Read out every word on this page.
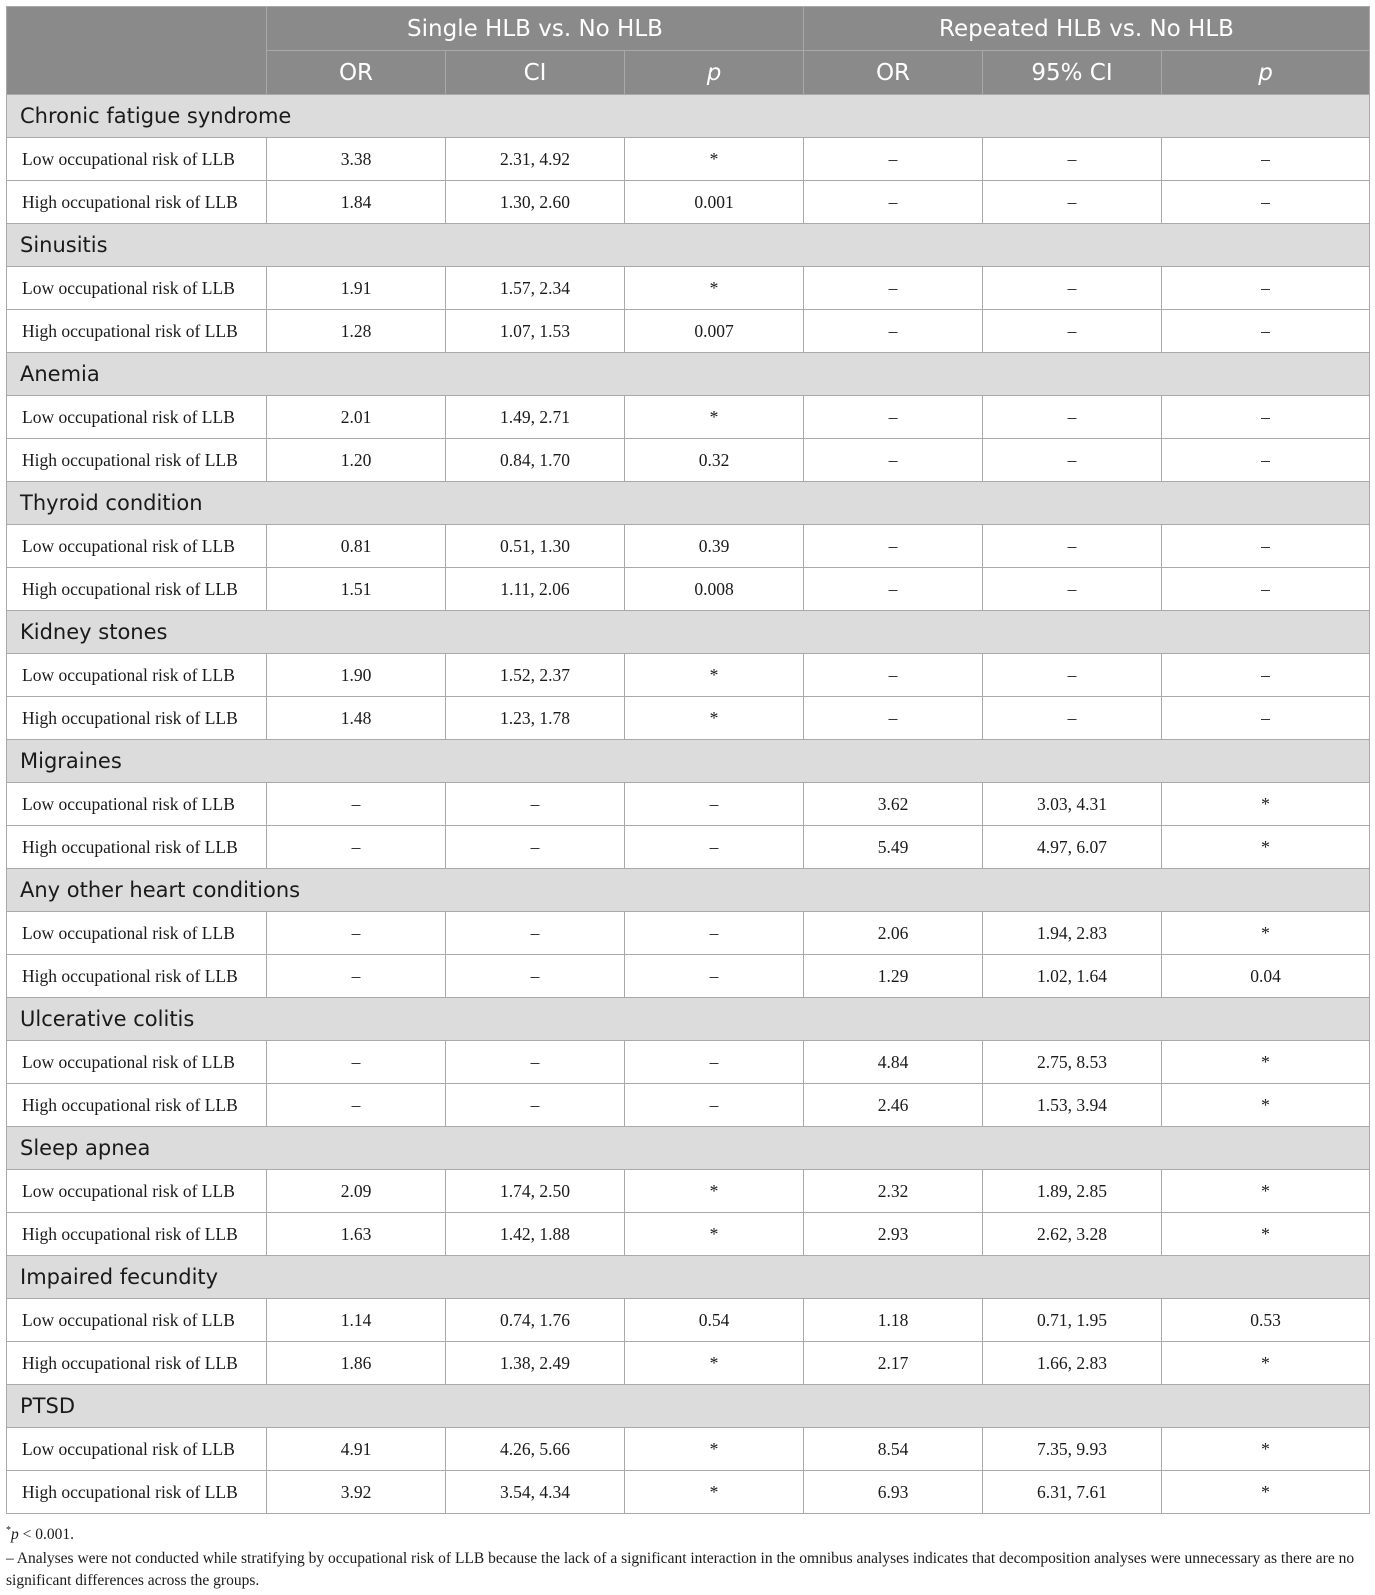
	Single HLB vs. No HLB			Repeated HLB vs. No HLB		
	OR	CI	p	OR	95% CI	p
Chronic fatigue syndrome						
Low occupational risk of LLB	3.38	2.31, 4.92	*	–	–	–
High occupational risk of LLB	1.84	1.30, 2.60	0.001	–	–	–
Sinusitis						
Low occupational risk of LLB	1.91	1.57, 2.34	*	–	–	–
High occupational risk of LLB	1.28	1.07, 1.53	0.007	–	–	–
Anemia						
Low occupational risk of LLB	2.01	1.49, 2.71	*	–	–	–
High occupational risk of LLB	1.20	0.84, 1.70	0.32	–	–	–
Thyroid condition						
Low occupational risk of LLB	0.81	0.51, 1.30	0.39	–	–	–
High occupational risk of LLB	1.51	1.11, 2.06	0.008	–	–	–
Kidney stones						
Low occupational risk of LLB	1.90	1.52, 2.37	*	–	–	–
High occupational risk of LLB	1.48	1.23, 1.78	*	–	–	–
Migraines						
Low occupational risk of LLB	–	–	–	3.62	3.03, 4.31	*
High occupational risk of LLB	–	–	–	5.49	4.97, 6.07	*
Any other heart conditions						
Low occupational risk of LLB	–	–	–	2.06	1.94, 2.83	*
High occupational risk of LLB	–	–	–	1.29	1.02, 1.64	0.04
Ulcerative colitis						
Low occupational risk of LLB	–	–	–	4.84	2.75, 8.53	*
High occupational risk of LLB	–	–	–	2.46	1.53, 3.94	*
Sleep apnea						
Low occupational risk of LLB	2.09	1.74, 2.50	*	2.32	1.89, 2.85	*
High occupational risk of LLB	1.63	1.42, 1.88	*	2.93	2.62, 3.28	*
Impaired fecundity						
Low occupational risk of LLB	1.14	0.74, 1.76	0.54	1.18	0.71, 1.95	0.53
High occupational risk of LLB	1.86	1.38, 2.49	*	2.17	1.66, 2.83	*
PTSD						
Low occupational risk of LLB	4.91	4.26, 5.66	*	8.54	7.35, 9.93	*
High occupational risk of LLB	3.92	3.54, 4.34	*	6.93	6.31, 7.61	*
*p < 0.001.
– Analyses were not conducted while stratifying by occupational risk of LLB because the lack of a significant interaction in the omnibus analyses indicates that decomposition analyses were unnecessary as there are no significant differences across the groups.
